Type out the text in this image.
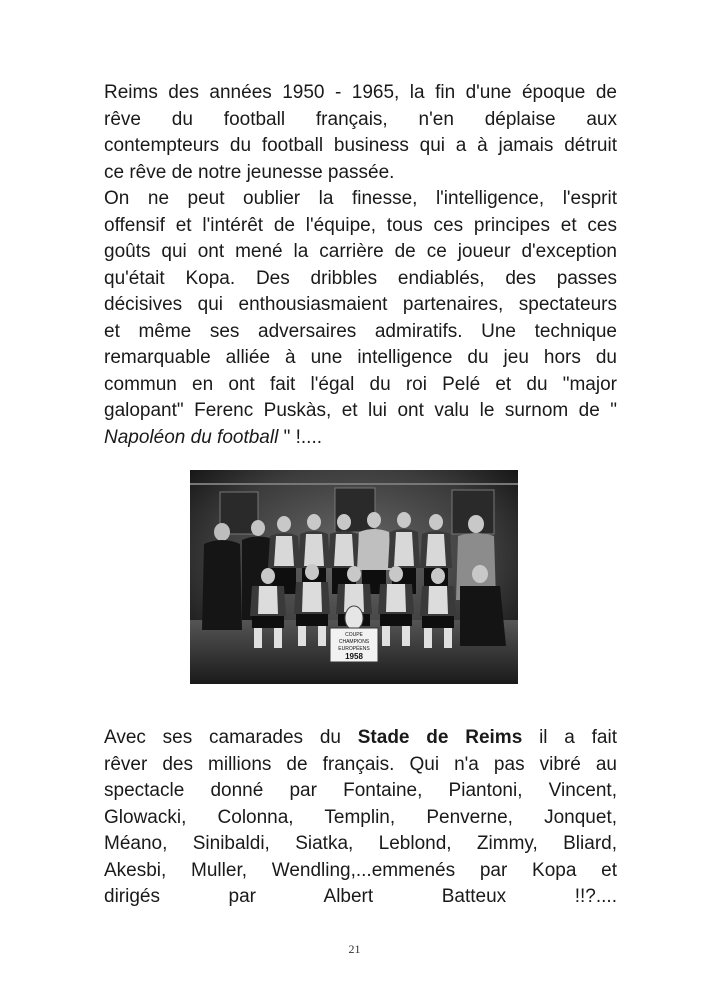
Reims des années 1950 - 1965, la fin d'une époque de
rêve du football français, n'en déplaise aux
contempteurs du football business qui a à jamais détruit
ce rêve de notre jeunesse passée.
On ne peut oublier la finesse, l'intelligence, l'esprit
offensif et l'intérêt de l'équipe, tous ces principes et ces
goûts qui ont mené la carrière de ce joueur d'exception
qu'était Kopa. Des dribbles endiablés, des passes
décisives qui enthousiasmaient partenaires, spectateurs
et même ses adversaires admiratifs. Une technique
remarquable alliée à une intelligence du jeu hors du
commun en ont fait l'égal du roi Pelé et du "major
galopant" Ferenc Puskàs, et lui ont valu le surnom de "
Napoléon du football " !....
COUPE
CHAMPIONS
EUROPÉENS
1958
Avec ses camarades du Stade de Reims il a fait
rêver des millions de français. Qui n'a pas vibré au
spectacle donné par Fontaine, Piantoni, Vincent,
Glowacki, Colonna, Templin, Penverne, Jonquet,
Méano, Sinibaldi, Siatka, Leblond, Zimmy, Bliard,
Akesbi, Muller, Wendling,...emmenés par Kopa et
dirigés par Albert Batteux !!?....
21
